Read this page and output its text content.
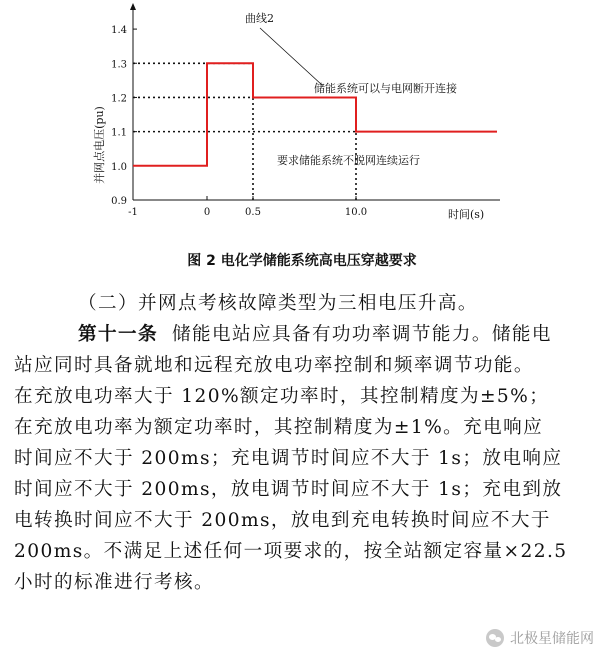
0.9
1.0
1.1
1.2
1.3
1.4
-1	0	0.5	10.0
并网点电压(pu)
时间(s)
曲线2
储能系统可以与电网断开连接
要求储能系统不脱网连续运行
图 2 电化学储能系统高电压穿越要求
（二）并网点考核故障类型为三相电压升高。
第十一条 储能电站应具备有功功率调节能力。储能电
站应同时具备就地和远程充放电功率控制和频率调节功能。
在充放电功率大于 120%额定功率时，其控制精度为±5%；
在充放电功率为额定功率时，其控制精度为±1%。充电响应
时间应不大于 200ms；充电调节时间应不大于 1s；放电响应
时间应不大于 200ms，放电调节时间应不大于 1s；充电到放
电转换时间应不大于 200ms，放电到充电转换时间应不大于
200ms。不满足上述任何一项要求的，按全站额定容量×22.5
小时的标准进行考核。
北极星储能网
